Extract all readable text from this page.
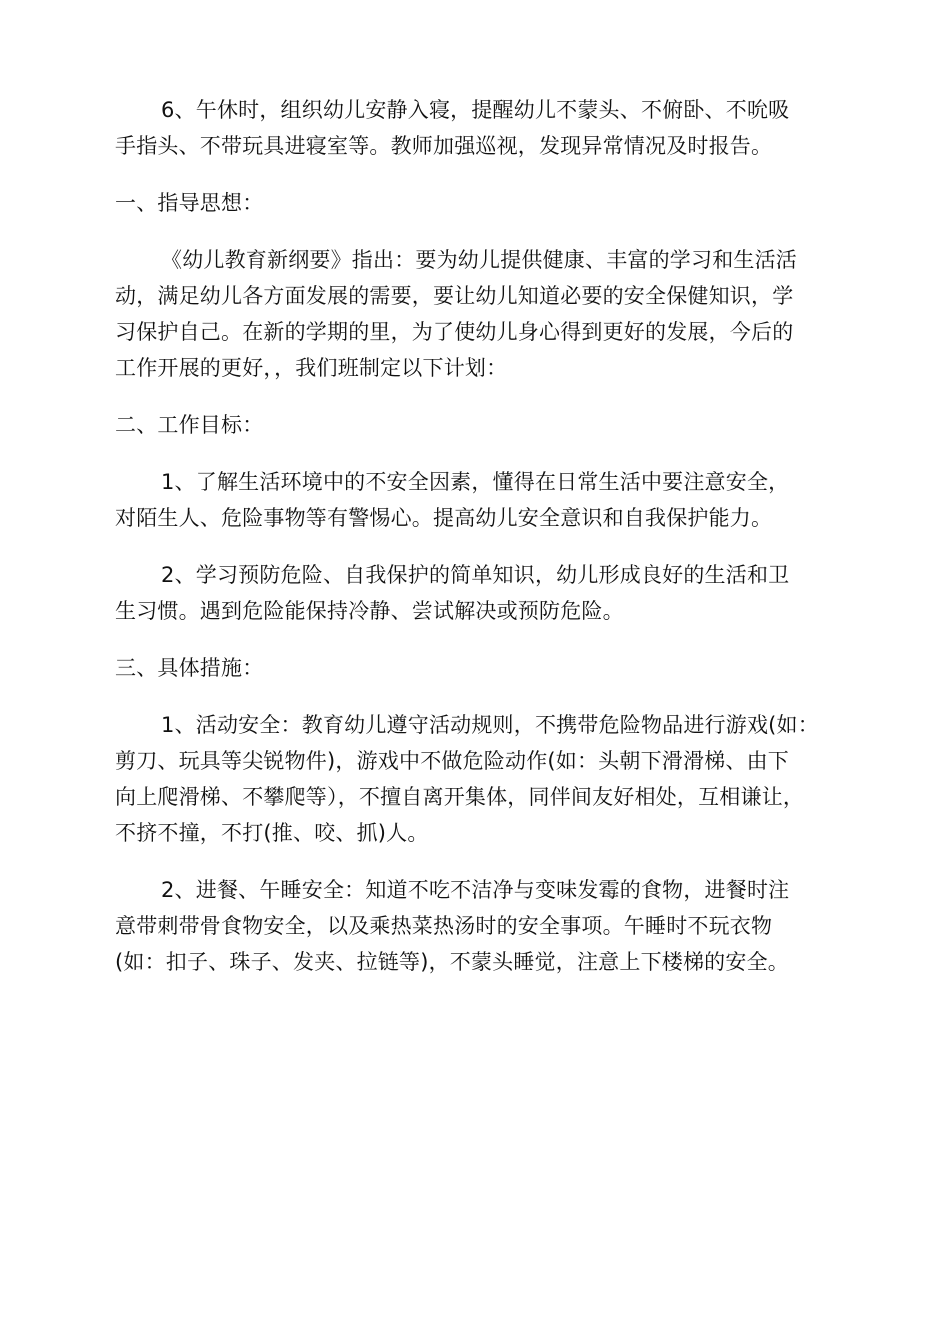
6、午休时，组织幼儿安静入寝，提醒幼儿不蒙头、不俯卧、不吮吸
手指头、不带玩具进寝室等。教师加强巡视，发现异常情况及时报告。
一、指导思想：
《幼儿教育新纲要》指出：要为幼儿提供健康、丰富的学习和生活活
动，满足幼儿各方面发展的需要，要让幼儿知道必要的安全保健知识，学
习保护自己。在新的学期的里，为了使幼儿身心得到更好的发展，今后的
工作开展的更好，，我们班制定以下计划：
二、工作目标：
1、了解生活环境中的不安全因素，懂得在日常生活中要注意安全，
对陌生人、危险事物等有警惕心。提高幼儿安全意识和自我保护能力。
2、学习预防危险、自我保护的简单知识，幼儿形成良好的生活和卫
生习惯。遇到危险能保持冷静、尝试解决或预防危险。
三、具体措施：
1、活动安全：教育幼儿遵守活动规则，不携带危险物品进行游戏(如：
剪刀、玩具等尖锐物件)，游戏中不做危险动作(如：头朝下滑滑梯、由下
向上爬滑梯、不攀爬等），不擅自离开集体，同伴间友好相处，互相谦让，
不挤不撞，不打(推、咬、抓)人。
2、进餐、午睡安全：知道不吃不洁净与变味发霉的食物，进餐时注
意带刺带骨食物安全，以及乘热菜热汤时的安全事项。午睡时不玩衣物
(如：扣子、珠子、发夹、拉链等)，不蒙头睡觉，注意上下楼梯的安全。
